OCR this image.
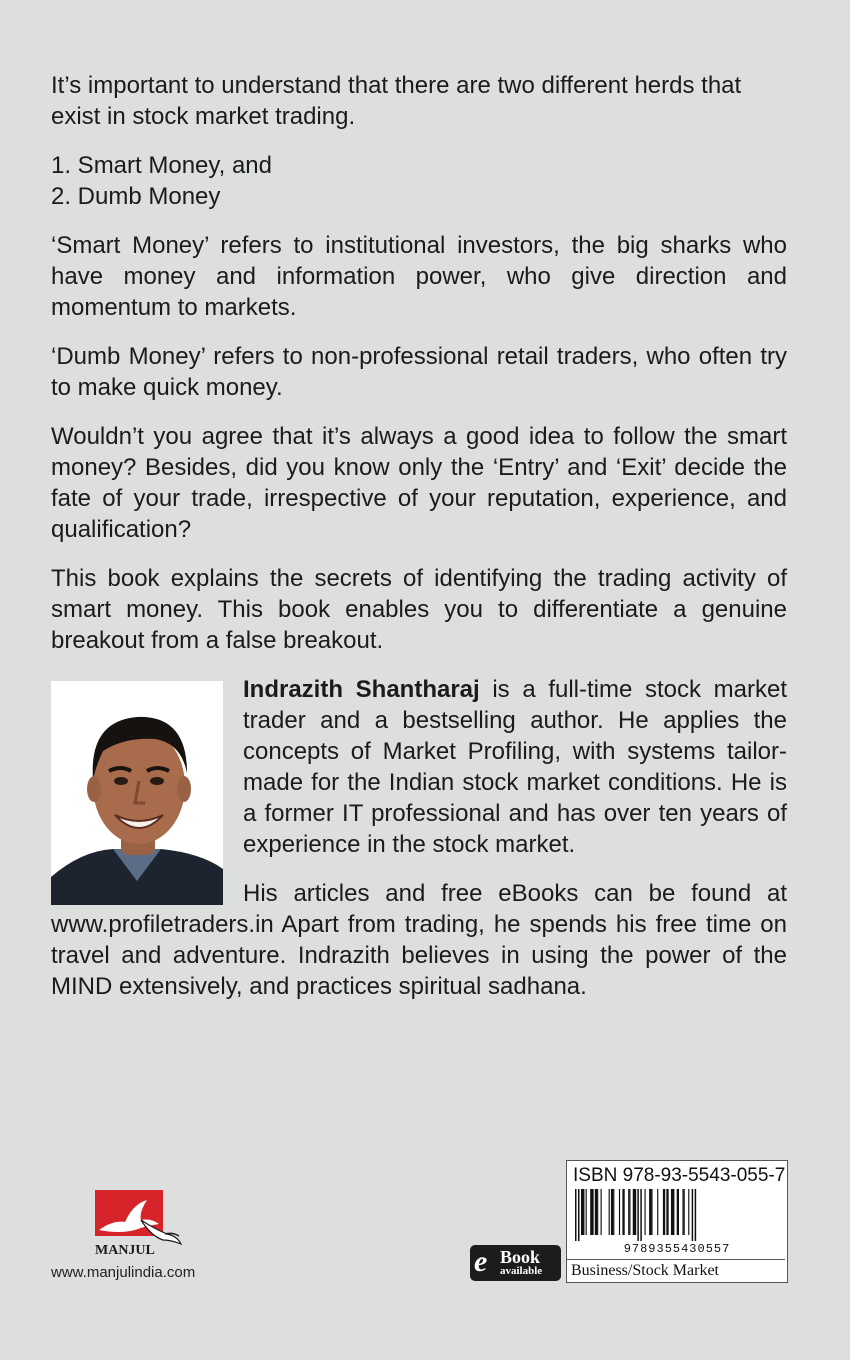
It’s important to understand that there are two different herds that exist in stock market trading.

1. Smart Money, and
2. Dumb Money

‘Smart Money’ refers to institutional investors, the big sharks who have money and information power, who give direction and momentum to markets.

‘Dumb Money’ refers to non-professional retail traders, who often try to make quick money.

Wouldn’t you agree that it’s always a good idea to follow the smart money? Besides, did you know only the ‘Entry’ and ‘Exit’ decide the fate of your trade, irrespective of your reputation, experience, and qualification?

This book explains the secrets of identifying the trading activity of smart money. This book enables you to differentiate a genuine breakout from a false breakout.

Indrazith Shantharaj is a full-time stock market trader and a bestselling author. He applies the concepts of Market Profiling, with systems tailor-made for the Indian stock market conditions. He is a former IT professional and has over ten years of experience in the stock market.

His articles and free eBooks can be found at www.profiletraders.in Apart from trading, he spends his free time on travel and adventure. Indrazith believes in using the power of the MIND extensively, and practices spiritual sadhana.

MANJUL
www.manjulindia.com	e Book
available
ISBN 978-93-5543-055-7
9789355430557
Business/Stock Market
